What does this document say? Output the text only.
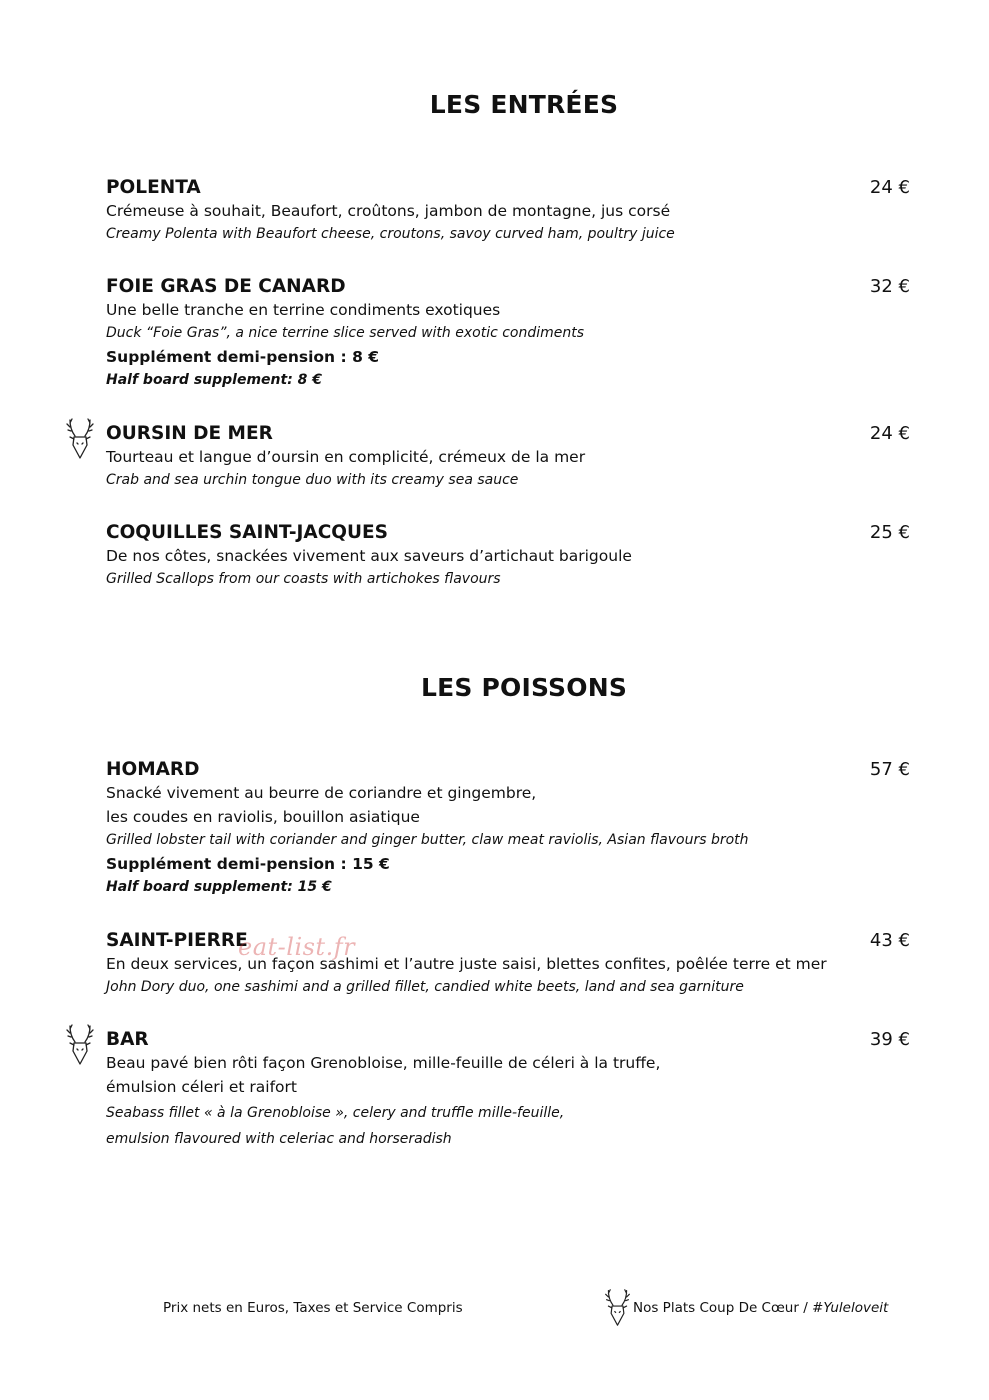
LES ENTRÉES
LES POISSONS
POLENTA	24 €

Crémeuse à souhait, Beaufort, croûtons, jambon de montagne, jus corsé

Creamy Polenta with Beaufort cheese, croutons, savoy curved ham, poultry juice

FOIE GRAS DE CANARD	32 €

Une belle tranche en terrine condiments exotiques

Duck “Foie Gras”, a nice terrine slice served with exotic condiments

Supplément demi-pension : 8 €

Half board supplement: 8 €

OURSIN DE MER	24 €

Tourteau et langue d’oursin en complicité, crémeux de la mer

Crab and sea urchin tongue duo with its creamy sea sauce

COQUILLES SAINT-JACQUES	25 €

De nos côtes, snackées vivement aux saveurs d’artichaut barigoule

Grilled Scallops from our coasts with artichokes flavours

HOMARD	57 €

Snacké vivement au beurre de coriandre et gingembre,

les coudes en raviolis, bouillon asiatique

Grilled lobster tail with coriander and ginger butter, claw meat raviolis, Asian flavours broth

Supplément demi-pension : 15 €

Half board supplement: 15 €

SAINT-PIERRE	43 €

En deux services, un façon sashimi et l’autre juste saisi, blettes confites, poêlée terre et mer

John Dory duo, one sashimi and a grilled fillet, candied white beets, land and sea garniture

BAR	39 €

Beau pavé bien rôti façon Grenobloise, mille-feuille de céleri à la truffe,

émulsion céleri et raifort

Seabass fillet « à la Grenobloise », celery and truffle mille-feuille,

emulsion flavoured with celeriac and horseradish

eat-list.fr
Prix nets en Euros, Taxes et Service Compris	Nos Plats Coup De Cœur / #Yuleloveit
